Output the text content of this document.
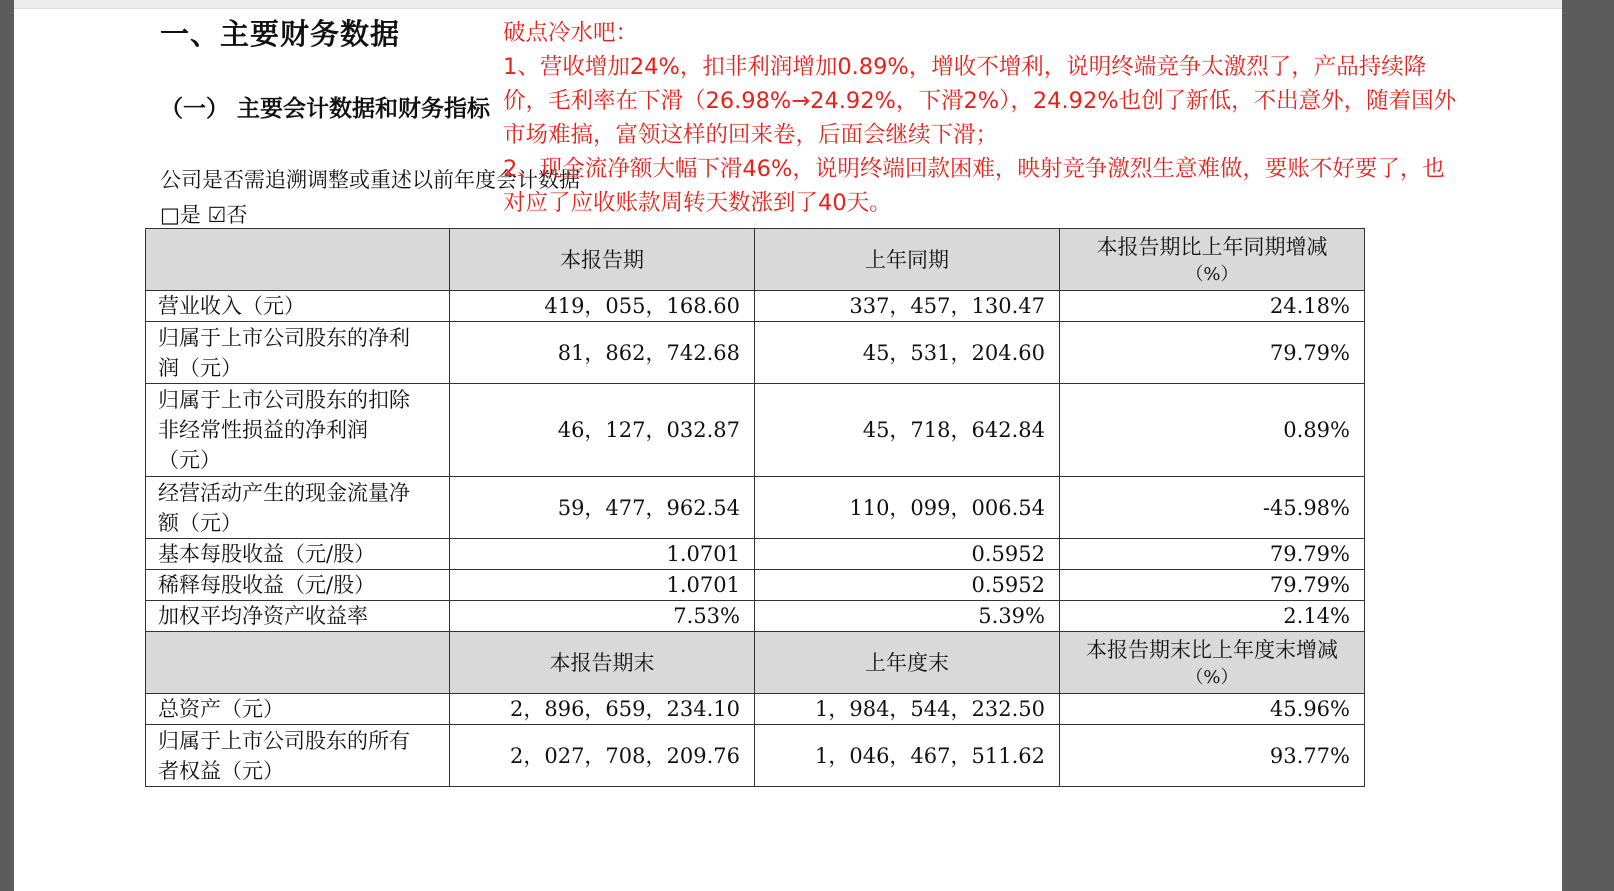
一、主要财务数据
（一） 主要会计数据和财务指标
公司是否需追溯调整或重述以前年度会计数据
□是 ☑否
	本报告期	上年同期	本报告期比上年同期增减
（%）

营业收入（元）	419，055，168.60	337，457，130.47	24.18%
归属于上市公司股东的净利
润（元）	81，862，742.68	45，531，204.60	79.79%
归属于上市公司股东的扣除
非经常性损益的净利润
（元）	46，127，032.87	45，718，642.84	0.89%
经营活动产生的现金流量净
额（元）	59，477，962.54	110，099，006.54	-45.98%
基本每股收益（元/股）	1.0701	0.5952	79.79%
稀释每股收益（元/股）	1.0701	0.5952	79.79%
加权平均净资产收益率	7.53%	5.39%	2.14%
	本报告期末	上年度末	本报告期末比上年度末增减
（%）

总资产（元）	2，896，659，234.10	1，984，544，232.50	45.96%
归属于上市公司股东的所有
者权益（元）	2，027，708，209.76	1，046，467，511.62	93.77%
破点冷水吧：
1、营收增加24%，扣非利润增加0.89%，增收不增利，说明终端竞争太激烈了，产品持续降
价，毛利率在下滑（26.98%→24.92%，下滑2%），24.92%也创了新低，不出意外，随着国外
市场难搞，富领这样的回来卷，后面会继续下滑；
2、现金流净额大幅下滑46%，说明终端回款困难，映射竞争激烈生意难做，要账不好要了，也
对应了应收账款周转天数涨到了40天。
